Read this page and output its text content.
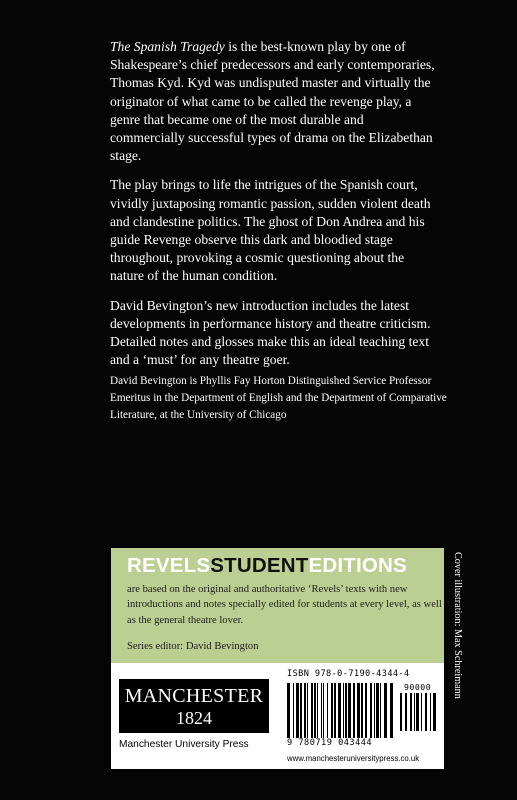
The Spanish Tragedy is the best-known play by one of Shakespeare’s chief predecessors and early contemporaries, Thomas Kyd. Kyd was undisputed master and virtually the originator of what came to be called the revenge play, a genre that became one of the most durable and commercially successful types of drama on the Elizabethan stage.

The play brings to life the intrigues of the Spanish court, vividly juxtaposing romantic passion, sudden violent death and clandestine politics. The ghost of Don Andrea and his guide Revenge observe this dark and bloodied stage throughout, provoking a cosmic questioning about the nature of the human condition.

David Bevington’s new introduction includes the latest developments in performance history and theatre criticism. Detailed notes and glosses make this an ideal teaching text and a ‘must’ for any theatre goer.

David Bevington is Phyllis Fay Horton Distinguished Service Professor Emeritus in the Department of English and the Department of Comparative Literature, at the University of Chicago
REVELSSTUDENTEDITIONS
are based on the original and authoritative ‘Revels’ texts with new introductions and notes specially edited for students at every level, as well as the general theatre lover.
Series editor: David Bevington
MANCHESTER
1824
Manchester University Press
ISBN 978-0-7190-4344-4
9 780719 043444
90000
www.manchesteruniversitypress.co.uk
Cover illustration: Max Schreimann
